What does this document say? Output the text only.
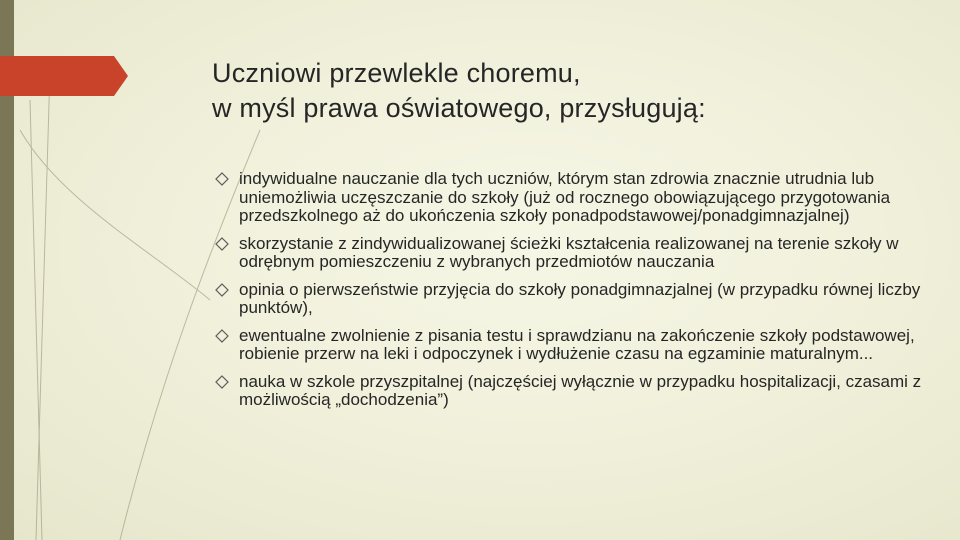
Uczniowi przewlekle choremu,
w myśl prawa oświatowego, przysługują:
indywidualne nauczanie dla tych uczniów, którym stan zdrowia znacznie utrudnia lub uniemożliwia uczęszczanie do szkoły (już od rocznego obowiązującego przygotowania przedszkolnego aż do ukończenia szkoły ponadpodstawowej/ponadgimnazjalnej)
skorzystanie z zindywidualizowanej ścieżki kształcenia realizowanej na terenie szkoły w odrębnym pomieszczeniu z wybranych przedmiotów nauczania
opinia o pierwszeństwie przyjęcia do szkoły ponadgimnazjalnej (w przypadku równej liczby punktów),
ewentualne zwolnienie z pisania testu i sprawdzianu na zakończenie szkoły podstawowej, robienie przerw na leki i odpoczynek i wydłużenie czasu na egzaminie maturalnym...
nauka w szkole przyszpitalnej (najczęściej wyłącznie w przypadku hospitalizacji, czasami z możliwością „dochodzenia”)
